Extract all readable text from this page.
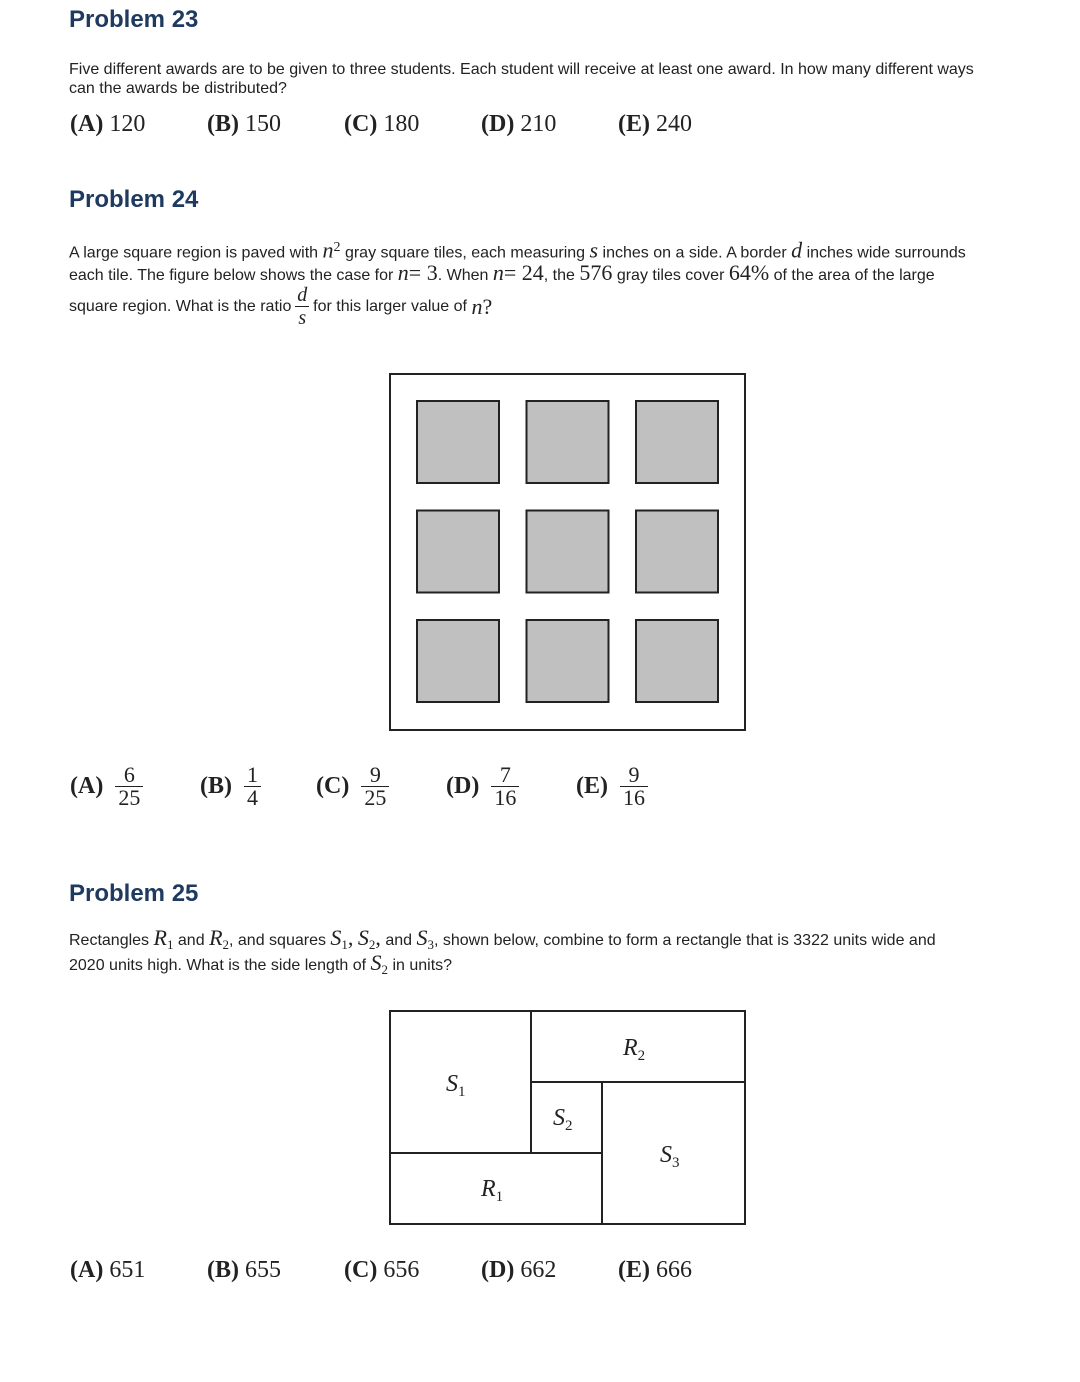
Problem 23
Five different awards are to be given to three students. Each student will receive at least one award. In how many different ways
can the awards be distributed?
(A) 120	(B) 150	(C) 180	(D) 210	(E) 240
Problem 24
A large square region is paved with $n^2$ gray square tiles, each measuring s inches on a side. A border d inches wide surrounds
each tile. The figure below shows the case for n= 3. When n= 24, the 576 gray tiles cover 64% of the area of the large
square region. What is the ratio $\frac{d}{s}$ for this larger value of
n ?
$(A) \frac{6}{25} (B) \frac{1}{4} (C) \frac{9}{25} (D) \frac{7}{16} (E) \frac{9}{16}$
Problem 25
Rectangles $R_1$ and $R_2$, and squares $S_1$, $S_2$, and $S_3$, shown below, combine to form a rectangle that is 3322 units wide and
2020 units high. What is the side length of $S_2$ in units?
$S_1$
$R_2$
$S_2$
$S_3$
$R_1$
(A) 651	(B) 655	(C) 656	(D) 662	(E) 666
